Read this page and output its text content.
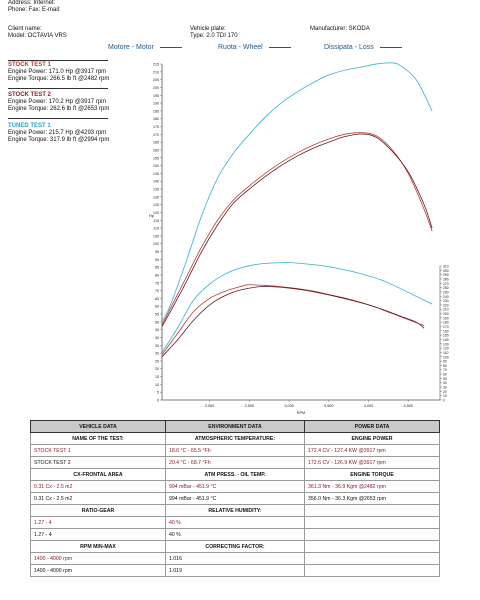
Address: Internet:
Phone: Fax: E-mail:
Client name:
Model: OCTAVIA VRS
Vehicle plate:
Type: 2.0 TDI 170
Manufacturer: SKODA
Motore - Motor	Ruota - Wheel	Dissipata - Loss
STOCK TEST 1
Engine Power: 171.0 Hp @3917 rpm
Engine Torque: 266.5 lb ft @2482 rpm
STOCK TEST 2
Engine Power: 170.2 Hp @3917 rpm
Engine Torque: 262.6 lb ft @2653 rpm
TUNED TEST 1
Engine Power: 215.7 Hp @4293 rpm
Engine Torque: 317.9 lb ft @2994 rpm
0
5
10
15
20
25
30
35
40
45
50
55
60
65
70
75
80
85
90
95
100
105
110
115
120
125
130
135
140
145
150
155
160
165
170
175
180
185
190
195
200
205
210
215
Hp
0
10
20
30
40
50
60
70
80
90
100
110
120
130
140
150
160
170
180
190
200
210
220
230
240
250
260
270
280
290
300
310
2,000	2,500	3,000	3,500	4,000	4,500
RPM
VEHICLE DATA	ENVIRONMENT DATA	POWER DATA
NAME OF THE TEST:	ATMOSPHERIC TEMPERATURE:	ENGINE POWER
STOCK TEST 1	18.6 °C - 65.5 °Fh	172.4 CV - 127.4 KW @3917 rpm
STOCK TEST 2	20.4 °C - 68.7 °Fh	172.6 CV - 126.9 KW @3917 rpm
CX-FRONTAL AREA	ATM PRESS. - OIL TEMP.	ENGINE TORQUE
0.31 Cx - 2.5 m2	994 mBar - 451.9 °C	361.3 Nm - 36.9 Kgm @2482 rpm
0.31 Cx - 2.5 m2	994 mBar - 451.9 °C	356.0 Nm - 36.3 Kgm @2653 rpm
RATIO-GEAR	RELATIVE HUMIDITY:	
1.27 - 4	40 %	
1.27 - 4	40 %	
RPM MIN-MAX	CORRECTING FACTOR:	
1400 - 4000 rpm	1.016	
1400 - 4000 rpm	1.019	
